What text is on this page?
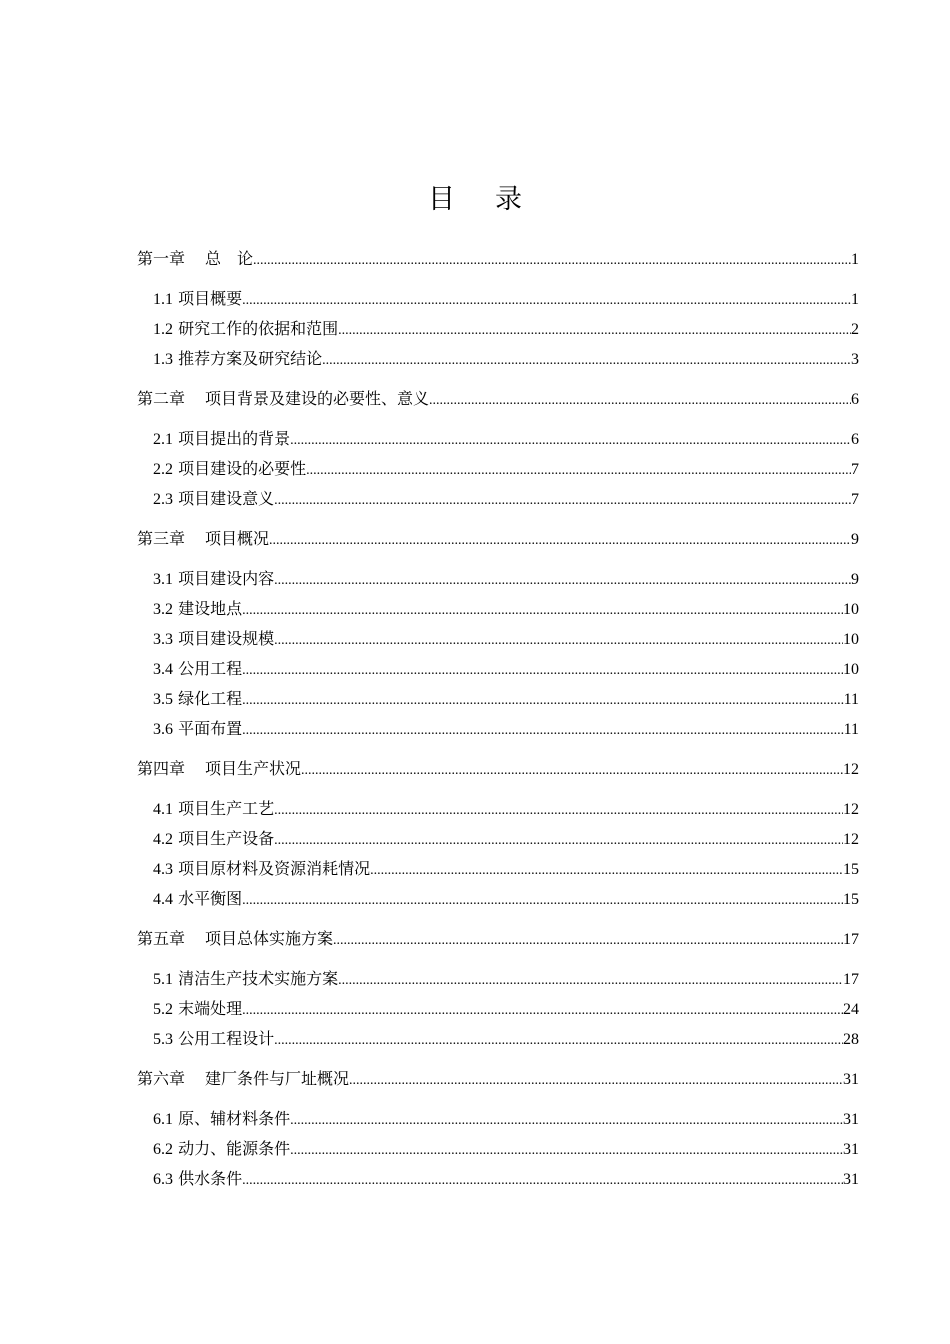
目 录
第一章 总　论 .....	1
1.1 项目概要 .....	1
1.2 研究工作的依据和范围 .....	2
1.3 推荐方案及研究结论 .....	3
第二章 项目背景及建设的必要性、意义 .....	6
2.1 项目提出的背景 .....	6
2.2 项目建设的必要性 .....	7
2.3 项目建设意义 .....	7
第三章 项目概况 .....	9
3.1 项目建设内容 .....	9
3.2 建设地点 .....	10
3.3 项目建设规模 .....	10
3.4 公用工程 .....	10
3.5 绿化工程 .....	11
3.6 平面布置 .....	11
第四章 项目生产状况 .....	12
4.1 项目生产工艺 .....	12
4.2 项目生产设备 .....	12
4.3 项目原材料及资源消耗情况 .....	15
4.4 水平衡图 .....	15
第五章 项目总体实施方案 .....	17
5.1 清洁生产技术实施方案 .....	17
5.2 末端处理 .....	24
5.3 公用工程设计 .....	28
第六章 建厂条件与厂址概况 .....	31
6.1 原、辅材料条件 .....	31
6.2 动力、能源条件 .....	31
6.3 供水条件 .....	31
